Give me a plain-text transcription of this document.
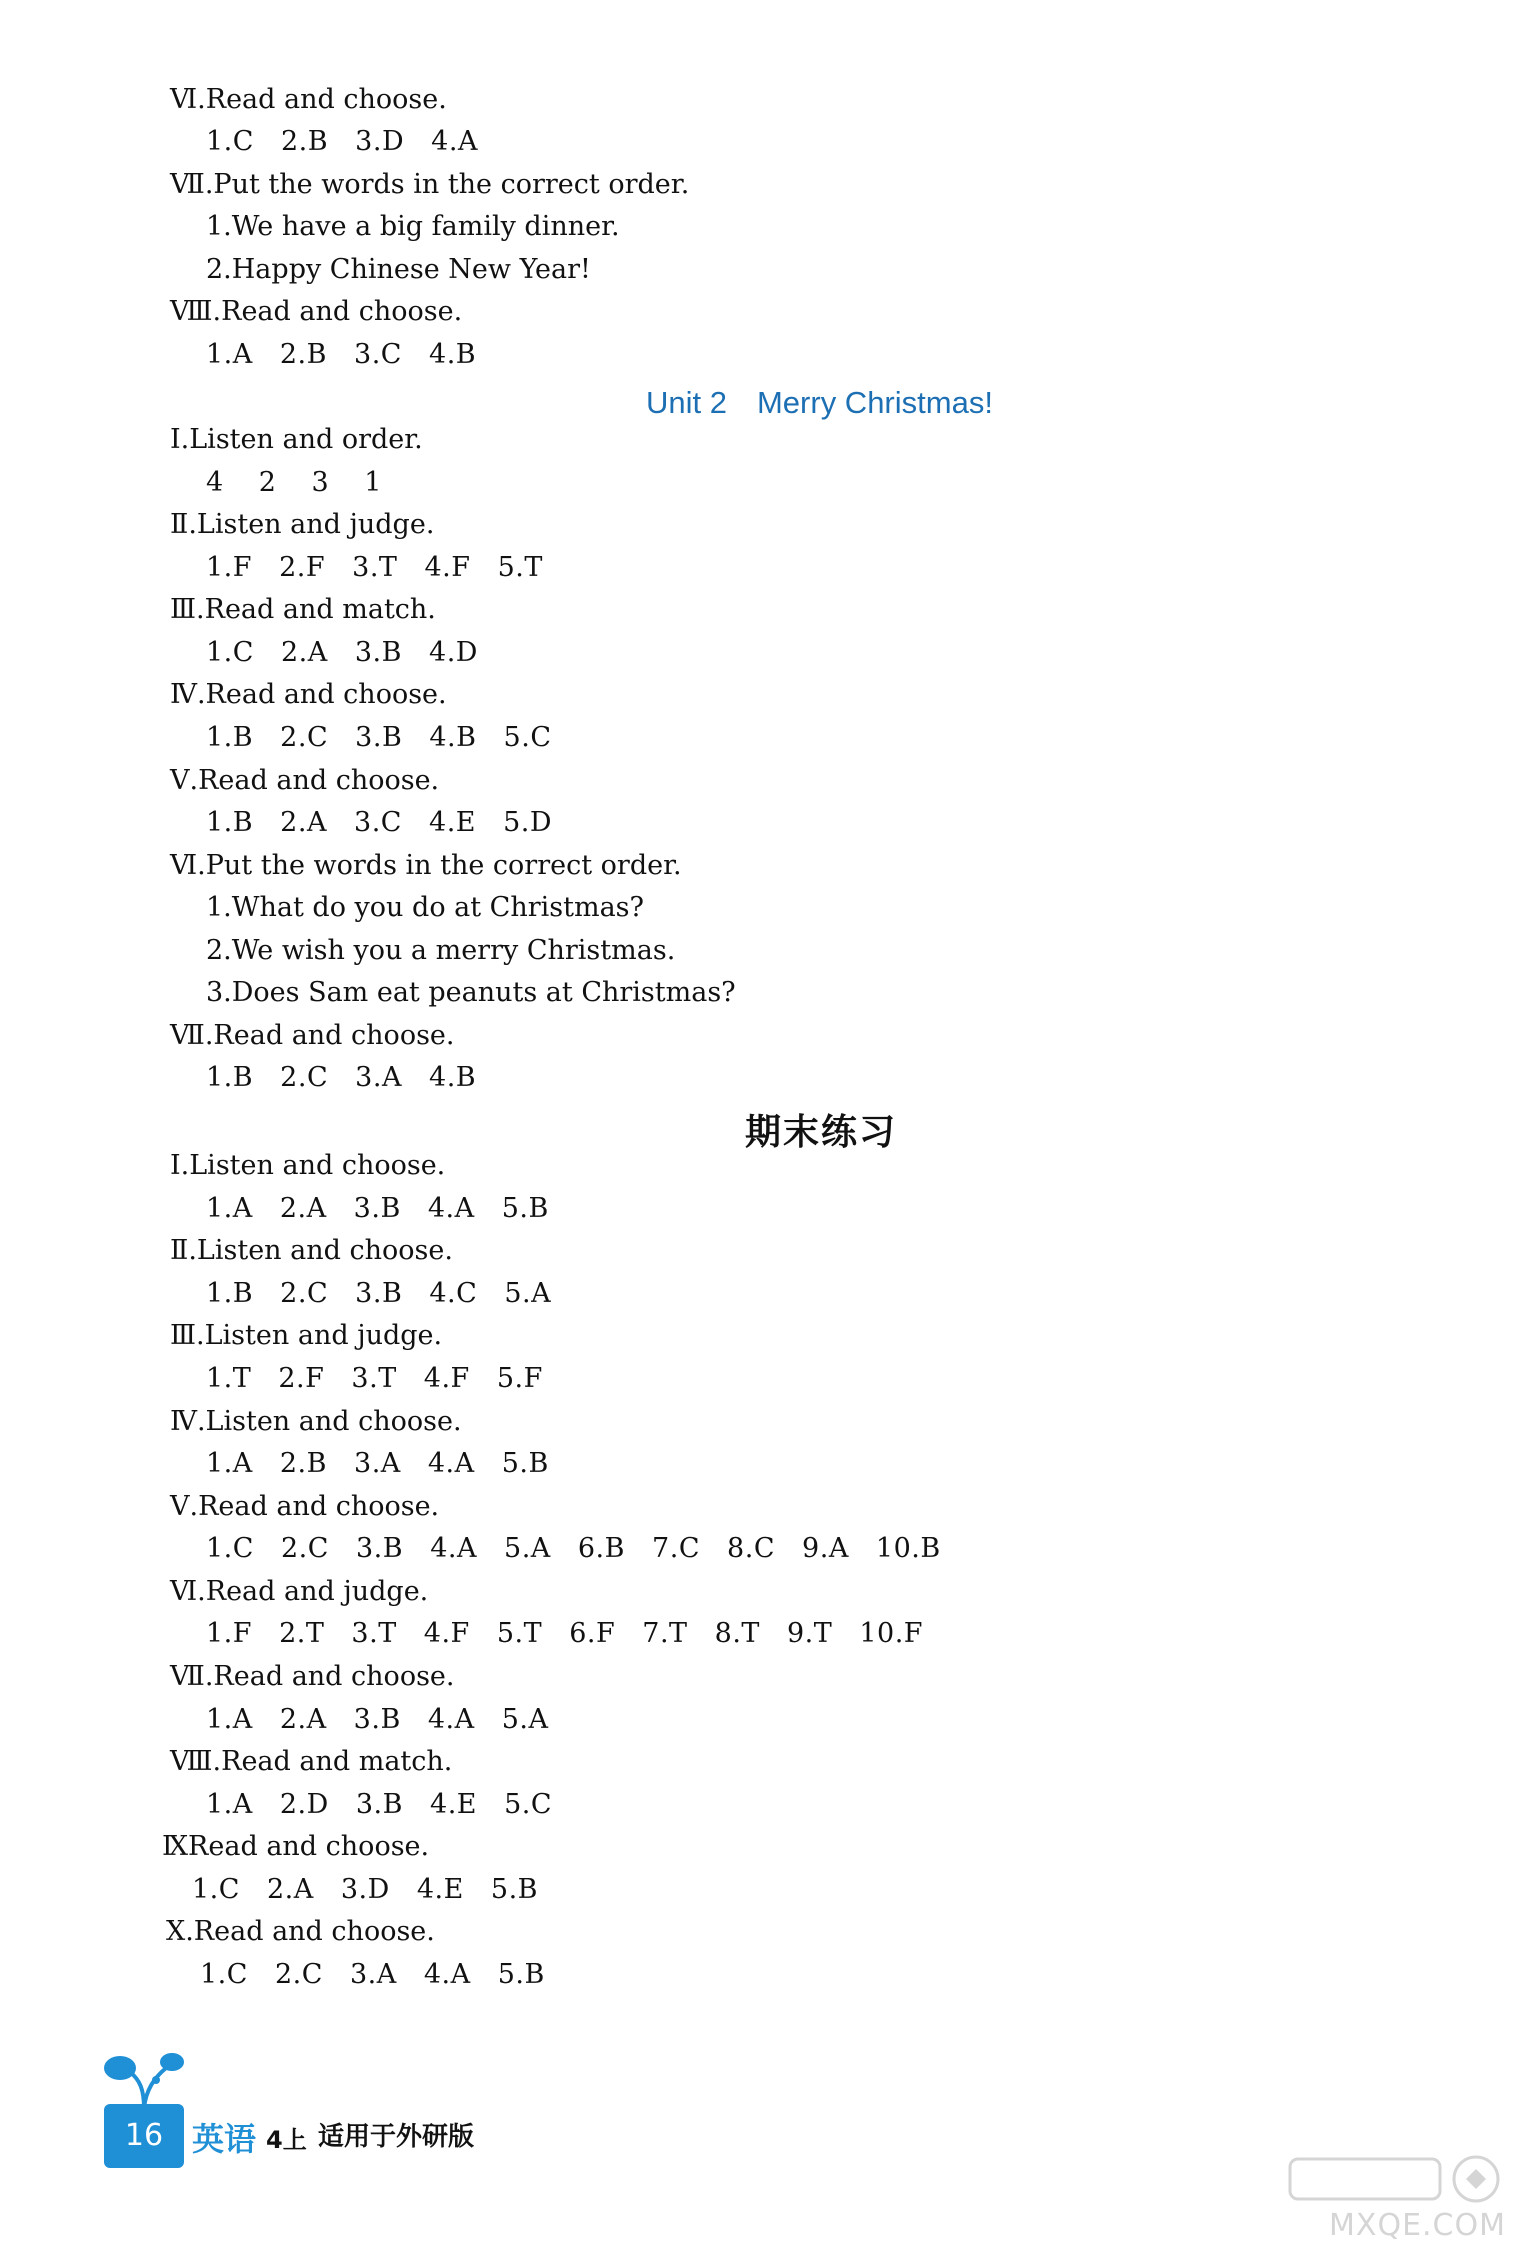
Ⅵ.Read and choose.
1.C 2.B 3.D 4.A
Ⅶ.Put the words in the correct order.
1.We have a big family dinner.
2.Happy Chinese New Year!
Ⅷ.Read and choose.
1.A 2.B 3.C 4.B
Unit 2 Merry Christmas!
Ⅰ.Listen and order.
4 2 3 1
Ⅱ.Listen and judge.
1.F 2.F 3.T 4.F 5.T
Ⅲ.Read and match.
1.C 2.A 3.B 4.D
Ⅳ.Read and choose.
1.B 2.C 3.B 4.B 5.C
Ⅴ.Read and choose.
1.B 2.A 3.C 4.E 5.D
Ⅵ.Put the words in the correct order.
1.What do you do at Christmas?
2.We wish you a merry Christmas.
3.Does Sam eat peanuts at Christmas?
Ⅶ.Read and choose.
1.B 2.C 3.A 4.B
期末练习
Ⅰ.Listen and choose.
1.A 2.A 3.B 4.A 5.B
Ⅱ.Listen and choose.
1.B 2.C 3.B 4.C 5.A
Ⅲ.Listen and judge.
1.T 2.F 3.T 4.F 5.F
Ⅳ.Listen and choose.
1.A 2.B 3.A 4.A 5.B
Ⅴ.Read and choose.
1.C 2.C 3.B 4.A 5.A 6.B 7.C 8.C 9.A 10.B
Ⅵ.Read and judge.
1.F 2.T 3.T 4.F 5.T 6.F 7.T 8.T 9.T 10.F
Ⅶ.Read and choose.
1.A 2.A 3.B 4.A 5.A
Ⅷ.Read and match.
1.A 2.D 3.B 4.E 5.C
ⅨRead and choose.
1.C 2.A 3.D 4.E 5.B
Ⅹ.Read and choose.
1.C 2.C 3.A 4.A 5.B
16 英语 4上 适用于外研版
MXQE.COM
